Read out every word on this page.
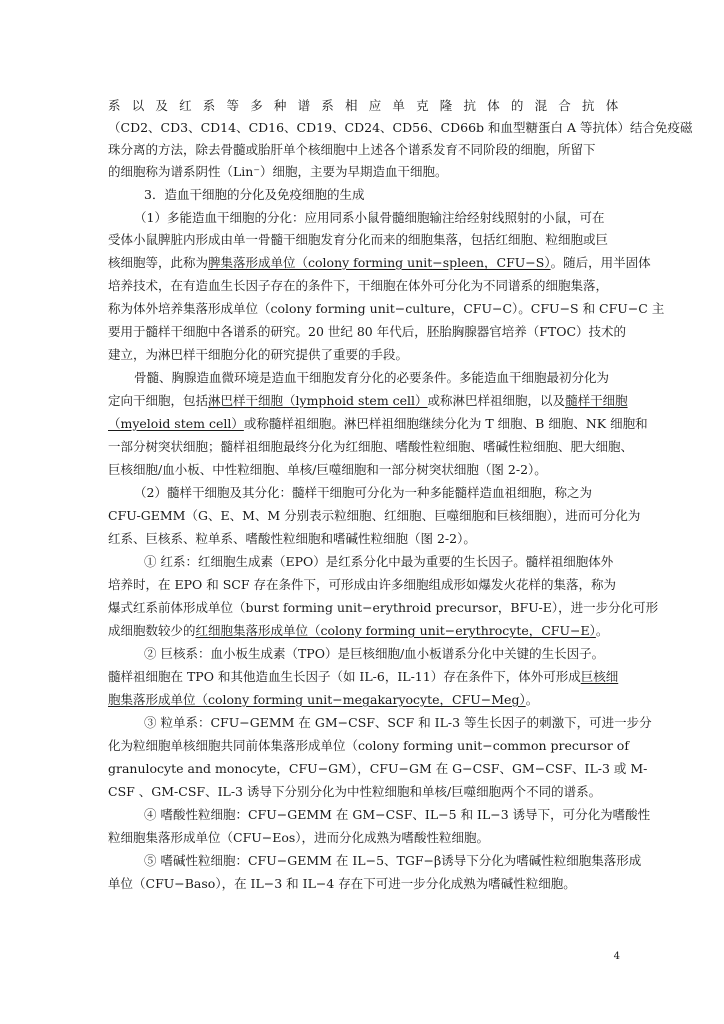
系以及红系等多种谱系相应单克隆抗体的混合抗体
（CD2、CD3、CD14、CD16、CD19、CD24、CD56、CD66b 和血型糖蛋白 A 等抗体）结合免疫磁
珠分离的方法，除去骨髓或胎肝单个核细胞中上述各个谱系发育不同阶段的细胞，所留下
的细胞称为谱系阴性（Lin⁻）细胞，主要为早期造血干细胞。
3．造血干细胞的分化及免疫细胞的生成
（1）多能造血干细胞的分化：应用同系小鼠骨髓细胞输注给经射线照射的小鼠，可在
受体小鼠脾脏内形成由单一骨髓干细胞发育分化而来的细胞集落，包括红细胞、粒细胞或巨
核细胞等，此称为脾集落形成单位（colony forming unit−spleen，CFU−S）。随后，用半固体
培养技术，在有造血生长因子存在的条件下，干细胞在体外可分化为不同谱系的细胞集落，
称为体外培养集落形成单位（colony forming unit−culture，CFU−C）。CFU−S 和 CFU−C 主
要用于髓样干细胞中各谱系的研究。20 世纪 80 年代后，胚胎胸腺器官培养（FTOC）技术的
建立，为淋巴样干细胞分化的研究提供了重要的手段。
骨髓、胸腺造血微环境是造血干细胞发育分化的必要条件。多能造血干细胞最初分化为
定向干细胞，包括淋巴样干细胞（lymphoid stem cell）或称淋巴样祖细胞，以及髓样干细胞
（myeloid stem cell）或称髓样祖细胞。淋巴样祖细胞继续分化为 T 细胞、B 细胞、NK 细胞和
一部分树突状细胞；髓样祖细胞最终分化为红细胞、嗜酸性粒细胞、嗜碱性粒细胞、肥大细胞、
巨核细胞/血小板、中性粒细胞、单核/巨噬细胞和一部分树突状细胞（图 2-2）。
（2）髓样干细胞及其分化：髓样干细胞可分化为一种多能髓样造血祖细胞，称之为
CFU-GEMM（G、E、M、M 分别表示粒细胞、红细胞、巨噬细胞和巨核细胞），进而可分化为
红系、巨核系、粒单系、嗜酸性粒细胞和嗜碱性粒细胞（图 2-2）。
① 红系：红细胞生成素（EPO）是红系分化中最为重要的生长因子。髓样祖细胞体外
培养时，在 EPO 和 SCF 存在条件下，可形成由许多细胞组成形如爆发火花样的集落，称为
爆式红系前体形成单位（burst forming unit−erythroid precursor，BFU-E），进一步分化可形
成细胞数较少的红细胞集落形成单位（colony forming unit−erythrocyte，CFU−E）。
② 巨核系：血小板生成素（TPO）是巨核细胞/血小板谱系分化中关键的生长因子。
髓样祖细胞在 TPO 和其他造血生长因子（如 IL-6，IL-11）存在条件下，体外可形成巨核细
胞集落形成单位（colony forming unit−megakaryocyte，CFU−Meg）。
③ 粒单系：CFU−GEMM 在 GM−CSF、SCF 和 IL-3 等生长因子的刺激下，可进一步分
化为粒细胞单核细胞共同前体集落形成单位（colony forming unit−common precursor of
granulocyte and monocyte，CFU−GM），CFU−GM 在 G−CSF、GM−CSF、IL-3 或 M-
CSF 、GM-CSF、IL-3 诱导下分别分化为中性粒细胞和单核/巨噬细胞两个不同的谱系。
④ 嗜酸性粒细胞：CFU−GEMM 在 GM−CSF、IL−5 和 IL−3 诱导下，可分化为嗜酸性
粒细胞集落形成单位（CFU−Eos），进而分化成熟为嗜酸性粒细胞。
⑤ 嗜碱性粒细胞：CFU−GEMM 在 IL−5、TGF−β诱导下分化为嗜碱性粒细胞集落形成
单位（CFU−Baso），在 IL−3 和 IL−4 存在下可进一步分化成熟为嗜碱性粒细胞。
4
